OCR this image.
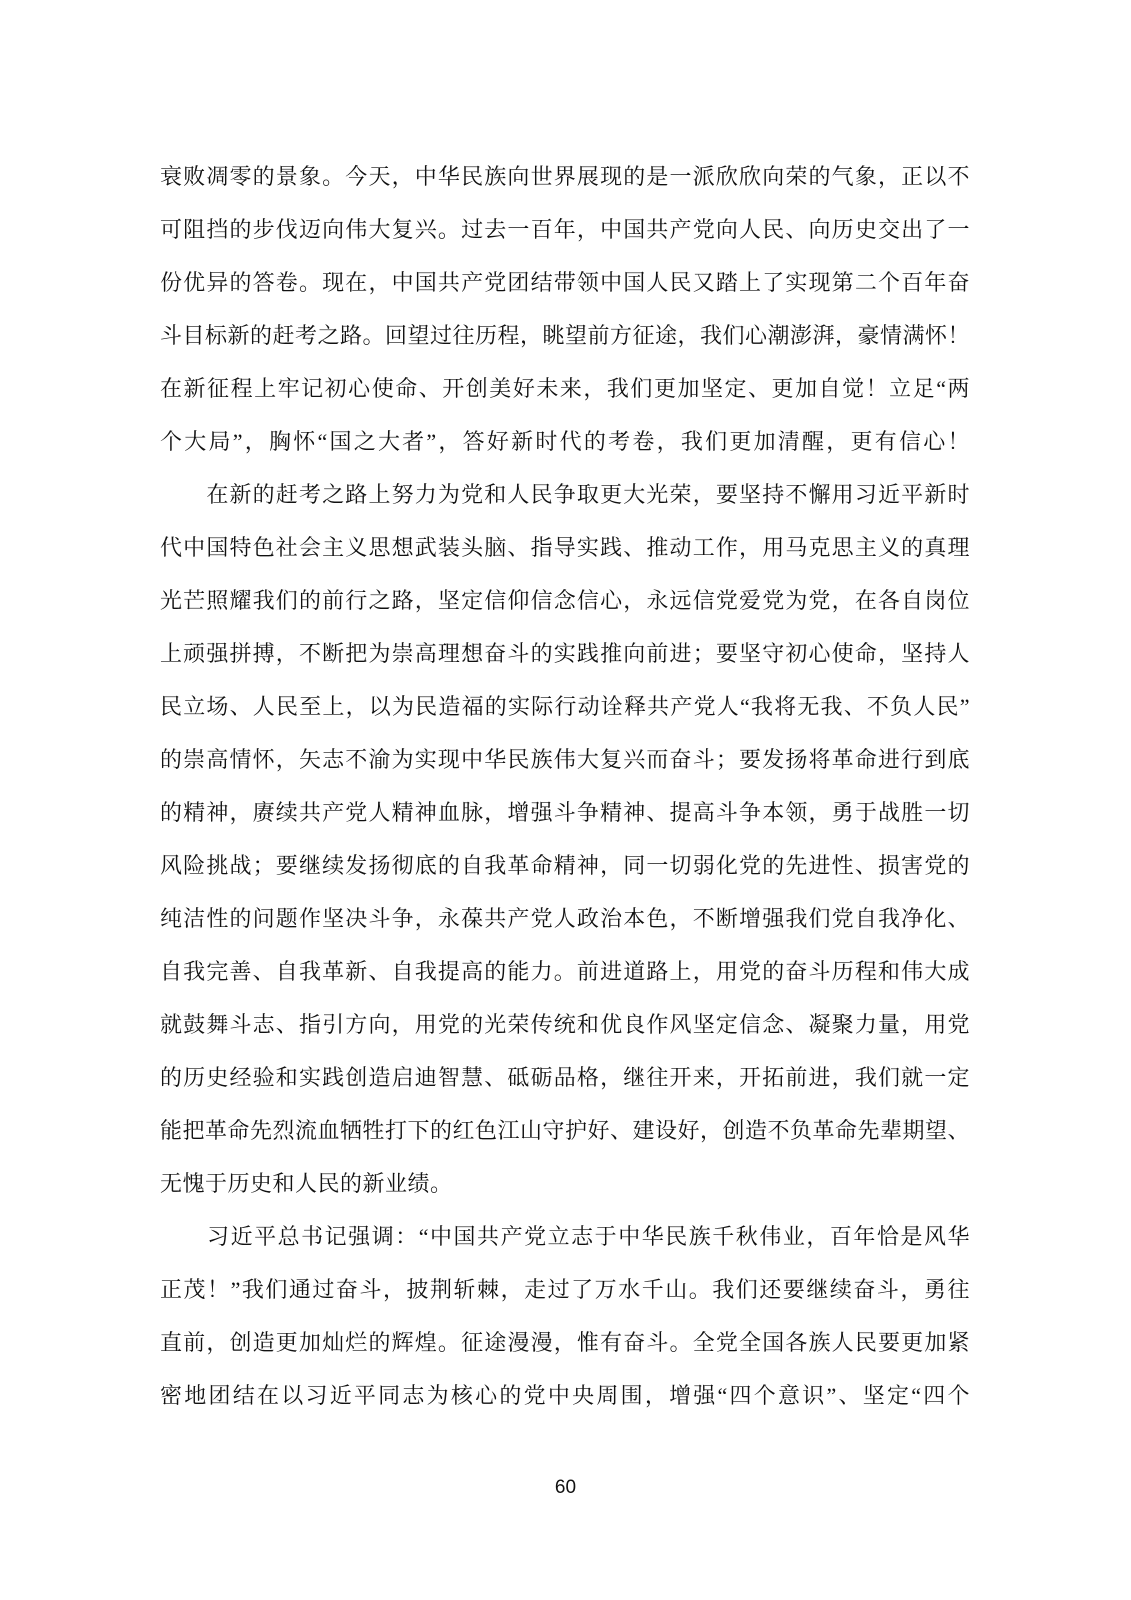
衰败凋零的景象。今天，中华民族向世界展现的是一派欣欣向荣的气象，正以不
可阻挡的步伐迈向伟大复兴。过去一百年，中国共产党向人民、向历史交出了一
份优异的答卷。现在，中国共产党团结带领中国人民又踏上了实现第二个百年奋
斗目标新的赶考之路。回望过往历程，眺望前方征途，我们心潮澎湃，豪情满怀！
在新征程上牢记初心使命、开创美好未来，我们更加坚定、更加自觉！立足“两
个大局”，胸怀“国之大者”，答好新时代的考卷，我们更加清醒，更有信心！
　　在新的赶考之路上努力为党和人民争取更大光荣，要坚持不懈用习近平新时
代中国特色社会主义思想武装头脑、指导实践、推动工作，用马克思主义的真理
光芒照耀我们的前行之路，坚定信仰信念信心，永远信党爱党为党，在各自岗位
上顽强拼搏，不断把为崇高理想奋斗的实践推向前进；要坚守初心使命，坚持人
民立场、人民至上，以为民造福的实际行动诠释共产党人“我将无我、不负人民”
的崇高情怀，矢志不渝为实现中华民族伟大复兴而奋斗；要发扬将革命进行到底
的精神，赓续共产党人精神血脉，增强斗争精神、提高斗争本领，勇于战胜一切
风险挑战；要继续发扬彻底的自我革命精神，同一切弱化党的先进性、损害党的
纯洁性的问题作坚决斗争，永葆共产党人政治本色，不断增强我们党自我净化、
自我完善、自我革新、自我提高的能力。前进道路上，用党的奋斗历程和伟大成
就鼓舞斗志、指引方向，用党的光荣传统和优良作风坚定信念、凝聚力量，用党
的历史经验和实践创造启迪智慧、砥砺品格，继往开来，开拓前进，我们就一定
能把革命先烈流血牺牲打下的红色江山守护好、建设好，创造不负革命先辈期望、
无愧于历史和人民的新业绩。
　　习近平总书记强调：“中国共产党立志于中华民族千秋伟业，百年恰是风华
正茂！”我们通过奋斗，披荆斩棘，走过了万水千山。我们还要继续奋斗，勇往
直前，创造更加灿烂的辉煌。征途漫漫，惟有奋斗。全党全国各族人民要更加紧
密地团结在以习近平同志为核心的党中央周围，增强“四个意识”、坚定“四个
60
